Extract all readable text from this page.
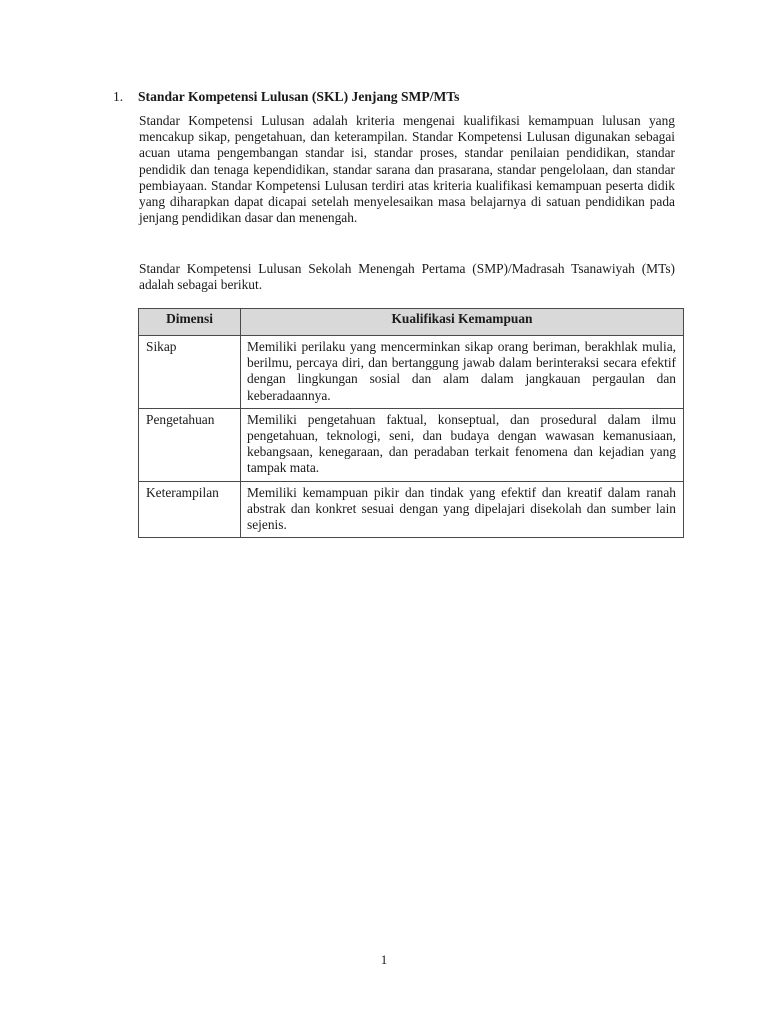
1. Standar Kompetensi Lulusan (SKL) Jenjang SMP/MTs
Standar Kompetensi Lulusan adalah kriteria mengenai kualifikasi kemampuan lulusan yang mencakup sikap, pengetahuan, dan keterampilan. Standar Kompetensi Lulusan digunakan sebagai acuan utama pengembangan standar isi, standar proses, standar penilaian pendidikan, standar pendidik dan tenaga kependidikan, standar sarana dan prasarana, standar pengelolaan, dan standar pembiayaan. Standar Kompetensi Lulusan terdiri atas kriteria kualifikasi kemampuan peserta didik yang diharapkan dapat dicapai setelah menyelesaikan masa belajarnya di satuan pendidikan pada jenjang pendidikan dasar dan menengah.
Standar Kompetensi Lulusan Sekolah Menengah Pertama (SMP)/Madrasah Tsanawiyah (MTs) adalah sebagai berikut.
Dimensi	Kualifikasi Kemampuan
Sikap	Memiliki perilaku yang mencerminkan sikap orang beriman, berakhlak mulia, berilmu, percaya diri, dan bertanggung jawab dalam berinteraksi secara efektif dengan lingkungan sosial dan alam dalam jangkauan pergaulan dan keberadaannya.
Pengetahuan	Memiliki pengetahuan faktual, konseptual, dan prosedural dalam ilmu pengetahuan, teknologi, seni, dan budaya dengan wawasan kemanusiaan, kebangsaan, kenegaraan, dan peradaban terkait fenomena dan kejadian yang tampak mata.
Keterampilan	Memiliki kemampuan pikir dan tindak yang efektif dan kreatif dalam ranah abstrak dan konkret sesuai dengan yang dipelajari disekolah dan sumber lain sejenis.
1
